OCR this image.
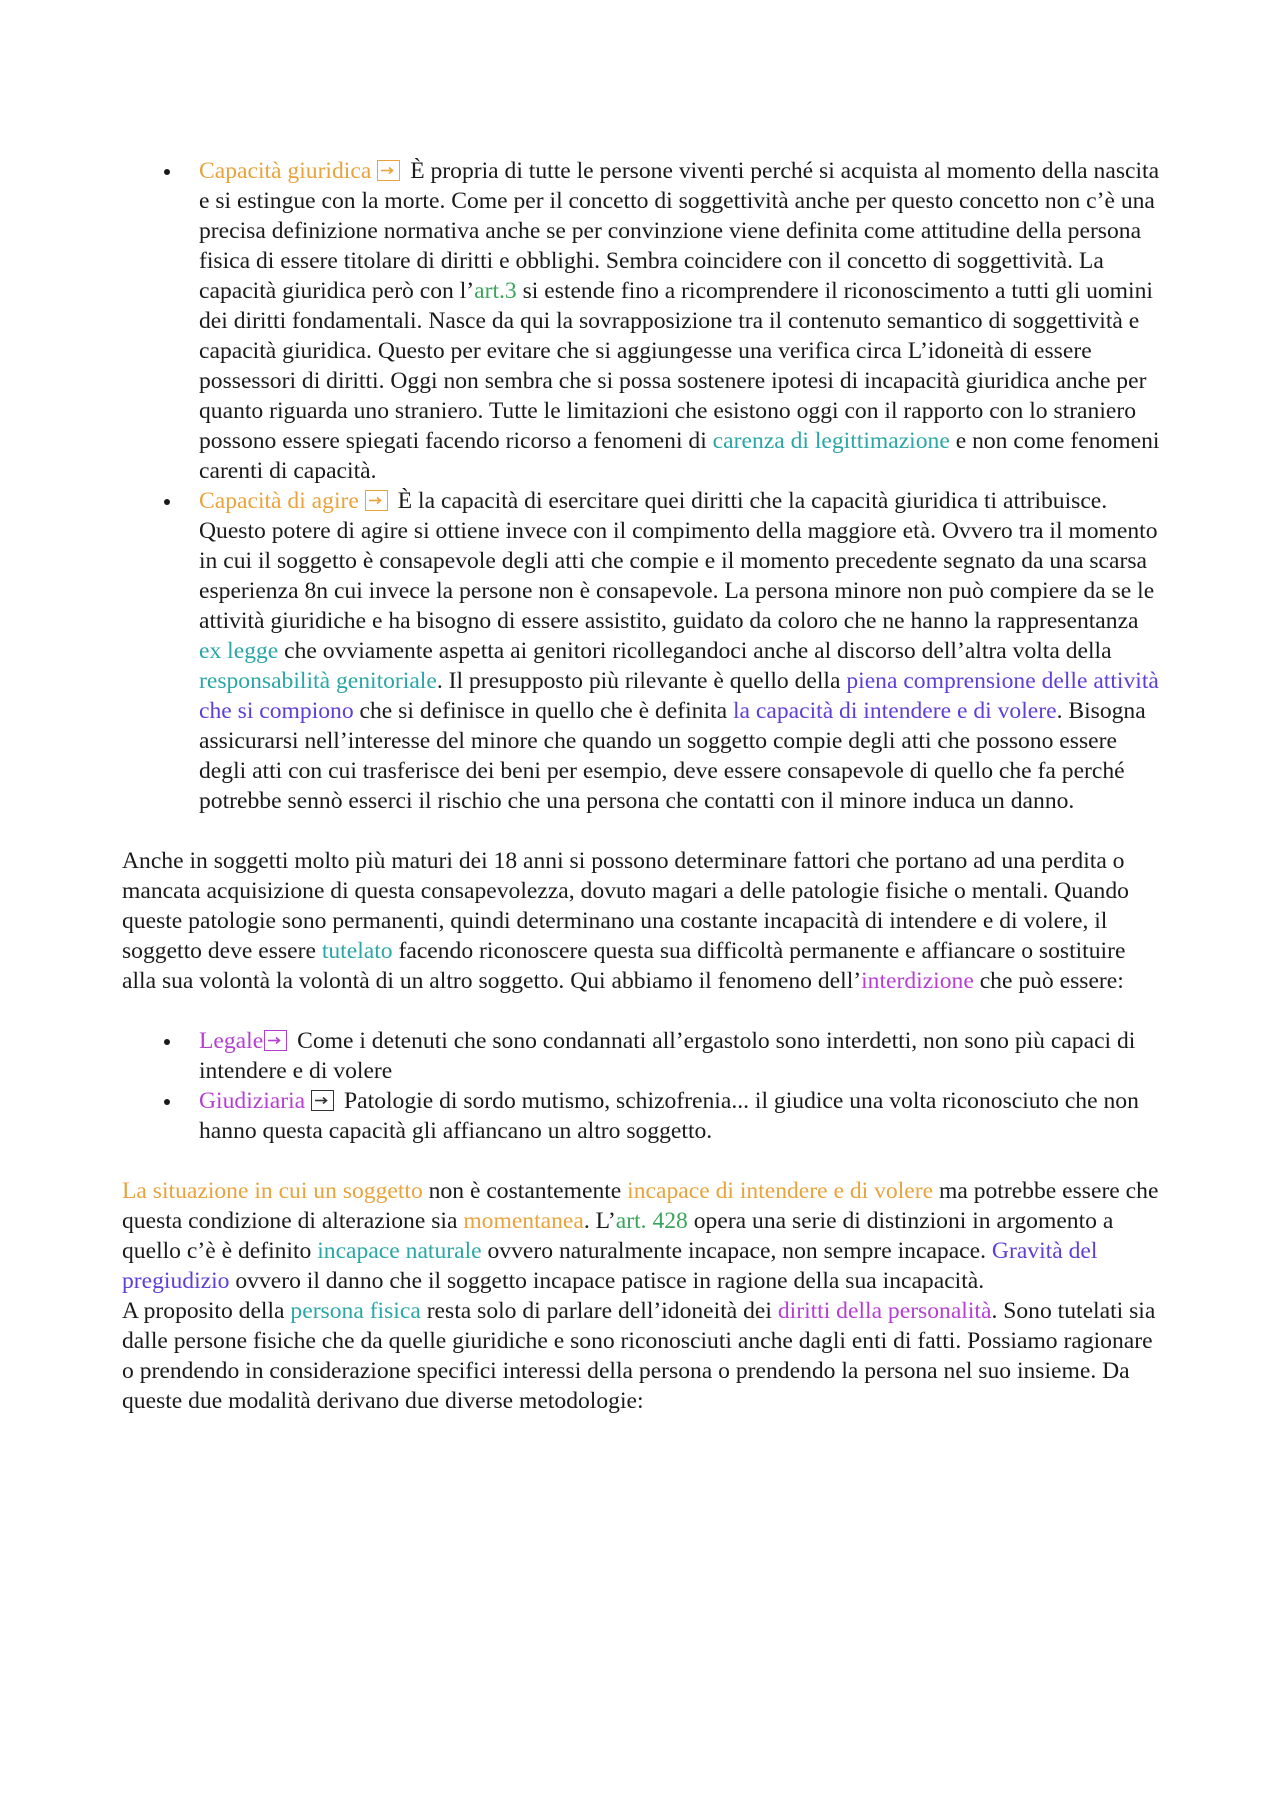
Capacità giuridica È propria di tutte le persone viventi perché si acquista al momento della nascita e si estingue con la morte. Come per il concetto di soggettività anche per questo concetto non c’è una precisa definizione normativa anche se per convinzione viene definita come attitudine della persona fisica di essere titolare di diritti e obblighi. Sembra coincidere con il concetto di soggettività. La capacità giuridica però con l’art.3 si estende fino a ricomprendere il riconoscimento a tutti gli uomini dei diritti fondamentali. Nasce da qui la sovrapposizione tra il contenuto semantico di soggettività e capacità giuridica. Questo per evitare che si aggiungesse una verifica circa L’idoneità di essere possessori di diritti. Oggi non sembra che si possa sostenere ipotesi di incapacità giuridica anche per quanto riguarda uno straniero. Tutte le limitazioni che esistono oggi con il rapporto con lo straniero possono essere spiegati facendo ricorso a fenomeni di carenza di legittimazione e non come fenomeni carenti di capacità.
Capacità di agire È la capacità di esercitare quei diritti che la capacità giuridica ti attribuisce. Questo potere di agire si ottiene invece con il compimento della maggiore età. Ovvero tra il momento in cui il soggetto è consapevole degli atti che compie e il momento precedente segnato da una scarsa esperienza 8n cui invece la persone non è consapevole. La persona minore non può compiere da se le attività giuridiche e ha bisogno di essere assistito, guidato da coloro che ne hanno la rappresentanza ex legge che ovviamente aspetta ai genitori ricollegandoci anche al discorso dell’altra volta della responsabilità genitoriale. Il presupposto più rilevante è quello della piena comprensione delle attività che si compiono che si definisce in quello che è definita la capacità di intendere e di volere. Bisogna assicurarsi nell’interesse del minore che quando un soggetto compie degli atti che possono essere degli atti con cui trasferisce dei beni per esempio, deve essere consapevole di quello che fa perché potrebbe sennò esserci il rischio che una persona che contatti con il minore induca un danno.

Anche in soggetti molto più maturi dei 18 anni si possono determinare fattori che portano ad una perdita o mancata acquisizione di questa consapevolezza, dovuto magari a delle patologie fisiche o mentali. Quando queste patologie sono permanenti, quindi determinano una costante incapacità di intendere e di volere, il soggetto deve essere tutelato facendo riconoscere questa sua difficoltà permanente e affiancare o sostituire alla sua volontà la volontà di un altro soggetto. Qui abbiamo il fenomeno dell’interdizione che può essere:

Legale Come i detenuti che sono condannati all’ergastolo sono interdetti, non sono più capaci di intendere e di volere
Giudiziaria Patologie di sordo mutismo, schizofrenia... il giudice una volta riconosciuto che non hanno questa capacità gli affiancano un altro soggetto.

La situazione in cui un soggetto non è costantemente incapace di intendere e di volere ma potrebbe essere che questa condizione di alterazione sia momentanea. L’art. 428 opera una serie di distinzioni in argomento a quello c’è è definito incapace naturale ovvero naturalmente incapace, non sempre incapace. Gravità del pregiudizio ovvero il danno che il soggetto incapace patisce in ragione della sua incapacità.

A proposito della persona fisica resta solo di parlare dell’idoneità dei diritti della personalità. Sono tutelati sia dalle persone fisiche che da quelle giuridiche e sono riconosciuti anche dagli enti di fatti. Possiamo ragionare o prendendo in considerazione specifici interessi della persona o prendendo la persona nel suo insieme. Da queste due modalità derivano due diverse metodologie:
